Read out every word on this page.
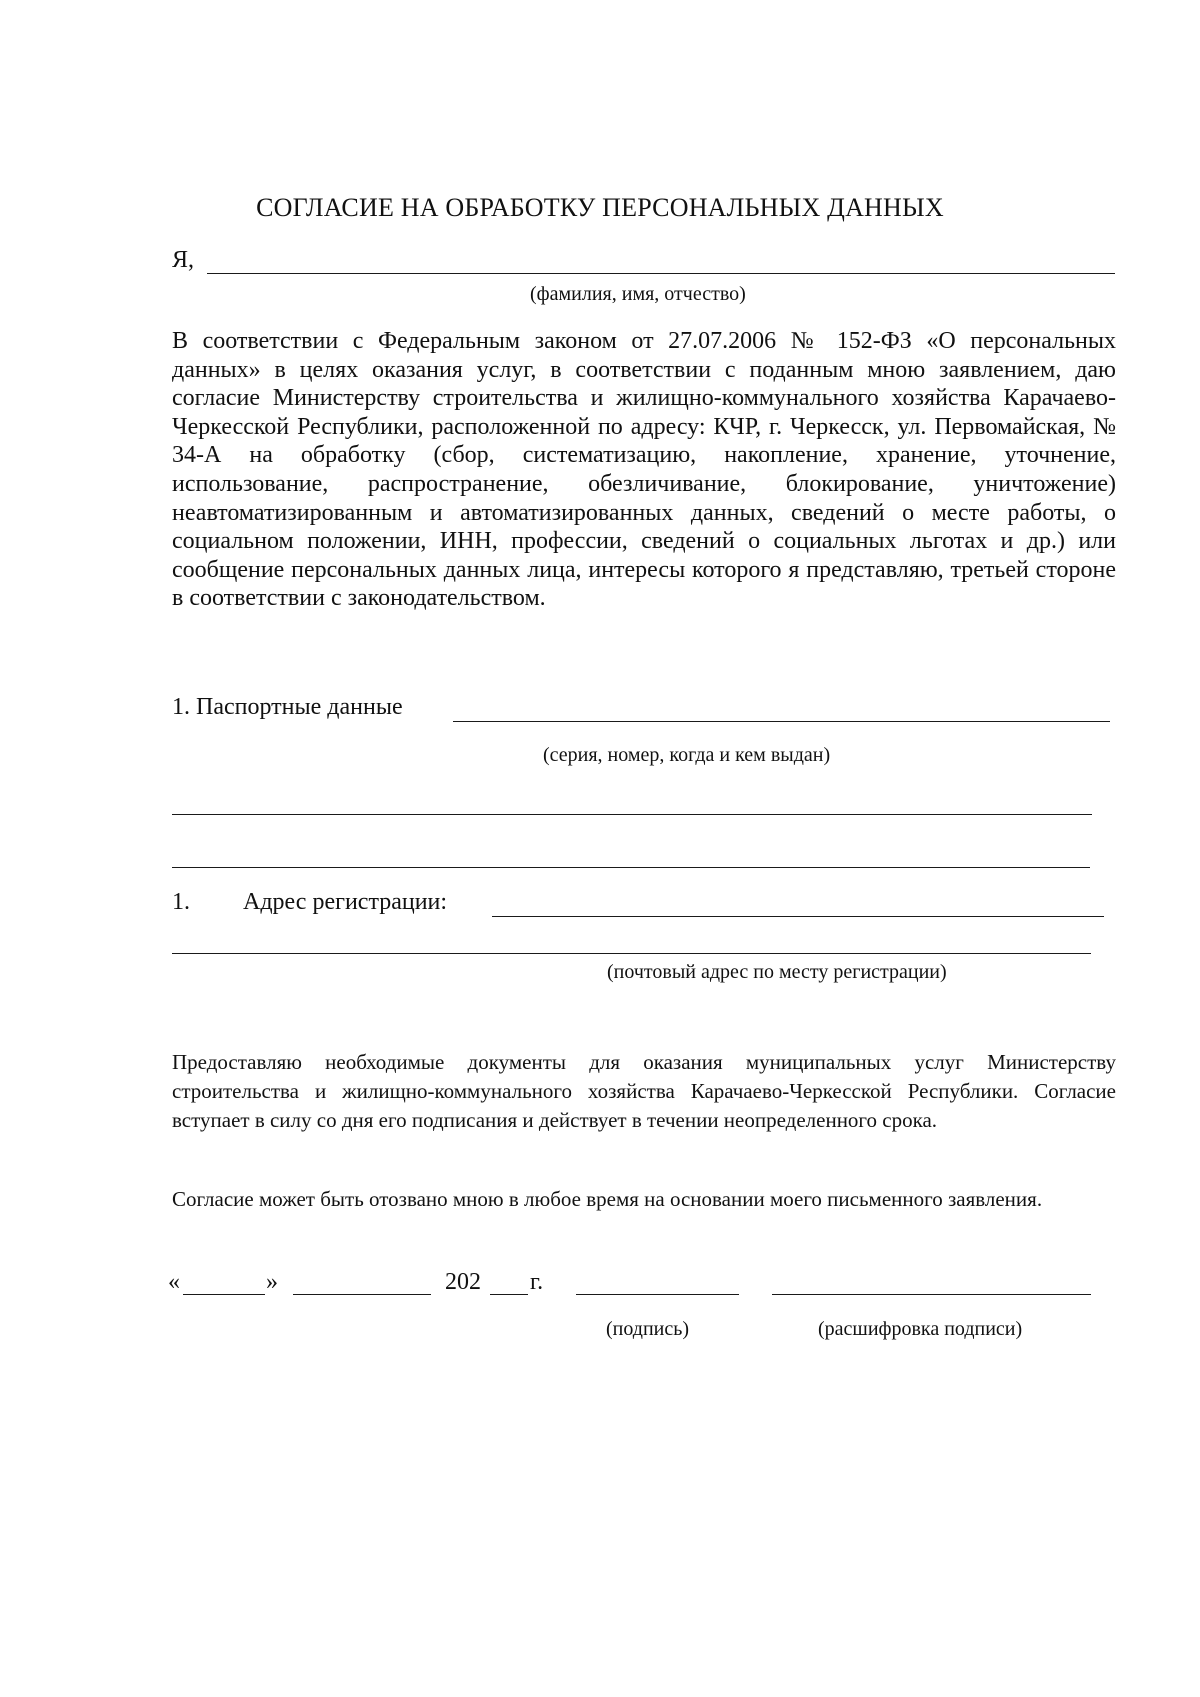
СОГЛАСИЕ НА ОБРАБОТКУ ПЕРСОНАЛЬНЫХ ДАННЫХ
Я,
(фамилия, имя, отчество)
В соответствии с Федеральным законом от 27.07.2006 № 152-ФЗ «О персональных данных» в целях оказания услуг, в соответствии с поданным мною заявлением, даю согласие Министерству строительства и жилищно-коммунального хозяйства Карачаево-Черкесской Республики, расположенной по адресу: КЧР, г. Черкесск, ул. Первомайская, № 34-А на обработку (сбор, систематизацию, накопление, хранение, уточнение, использование, распространение, обезличивание, блокирование, уничтожение) неавтоматизированным и автоматизированных данных, сведений о месте работы, о социальном положении, ИНН, профессии, сведений о социальных льготах и др.) или сообщение персональных данных лица, интересы которого я представляю, третьей стороне в соответствии с законодательством.
1. Паспортные данные
(серия, номер, когда и кем выдан)
1. Адрес регистрации:
(почтовый адрес по месту регистрации)
Предоставляю необходимые документы для оказания муниципальных услуг Министерству строительства и жилищно-коммунального хозяйства Карачаево-Черкесской Республики. Согласие вступает в силу со дня его подписания и действует в течении неопределенного срока.
Согласие может быть отозвано мною в любое время на основании моего письменного заявления.
«	»	202 г.
(подпись)	(расшифровка подписи)
